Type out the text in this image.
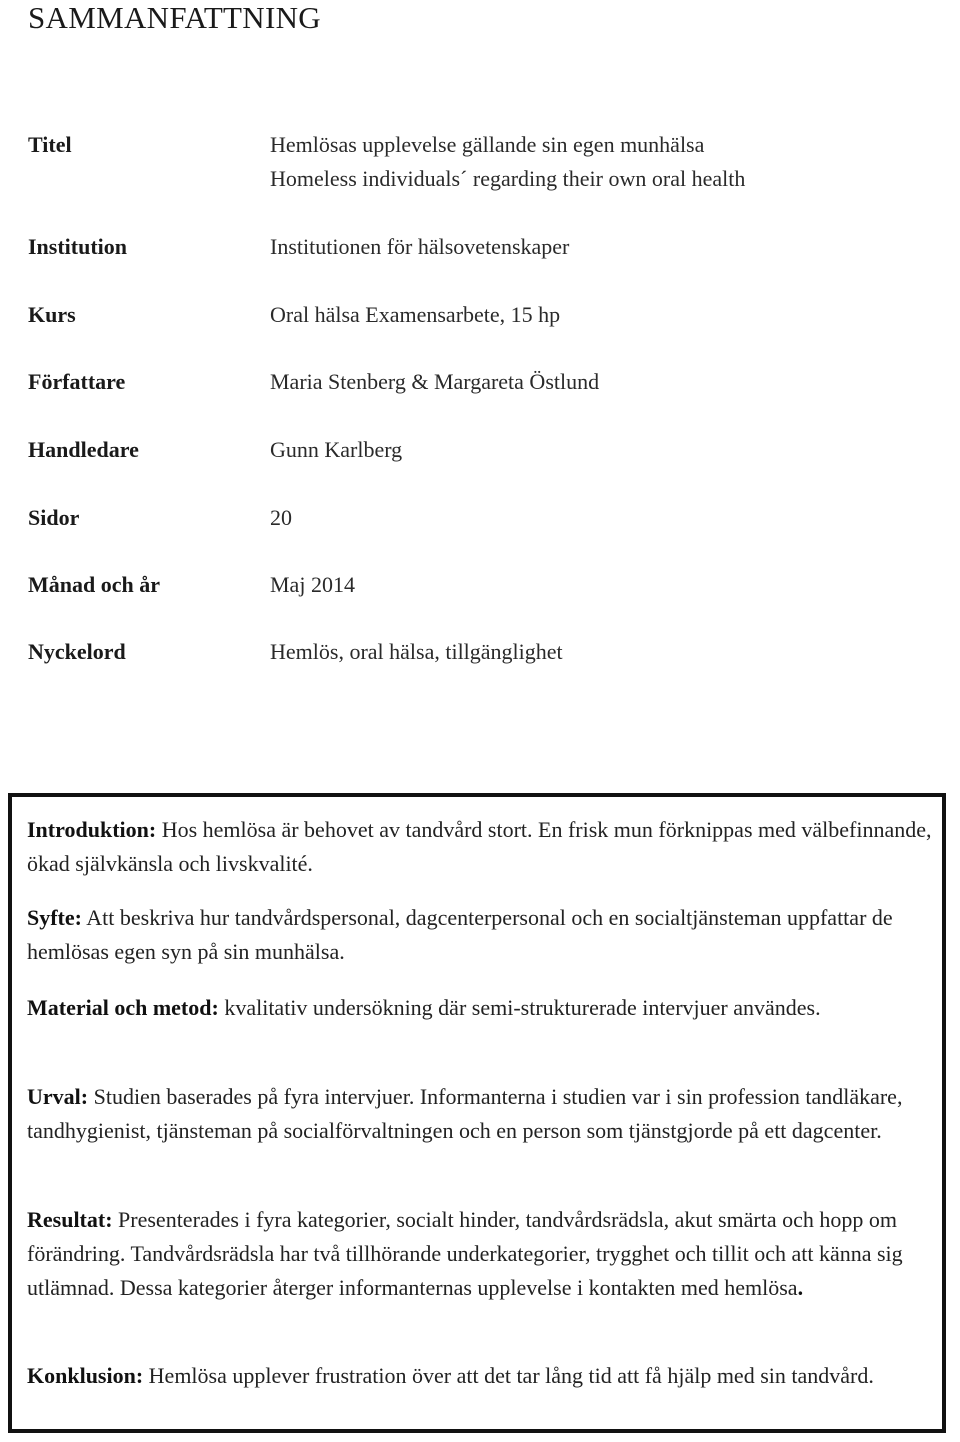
SAMMANFATTNING
Titel	Hemlösas upplevelse gällande sin egen munhälsa
Homeless individuals´ regarding their own oral health
Institution	Institutionen för hälsovetenskaper
Kurs	Oral hälsa Examensarbete, 15 hp
Författare	Maria Stenberg & Margareta Östlund
Handledare	Gunn Karlberg
Sidor	20
Månad och år	Maj 2014
Nyckelord	Hemlös, oral hälsa, tillgänglighet

Introduktion: Hos hemlösa är behovet av tandvård stort. En frisk mun förknippas med välbefinnande, ökad självkänsla och livskvalité.

Syfte: Att beskriva hur tandvårdspersonal, dagcenterpersonal och en socialtjänsteman uppfattar de hemlösas egen syn på sin munhälsa.

Material och metod: kvalitativ undersökning där semi-strukturerade intervjuer användes.

Urval: Studien baserades på fyra intervjuer. Informanterna i studien var i sin profession tandläkare, tandhygienist, tjänsteman på socialförvaltningen och en person som tjänstgjorde på ett dagcenter.

Resultat: Presenterades i fyra kategorier, socialt hinder, tandvårdsrädsla, akut smärta och hopp om förändring. Tandvårdsrädsla har två tillhörande underkategorier, trygghet och tillit och att känna sig utlämnad. Dessa kategorier återger informanternas upplevelse i kontakten med hemlösa.

Konklusion: Hemlösa upplever frustration över att det tar lång tid att få hjälp med sin tandvård.
